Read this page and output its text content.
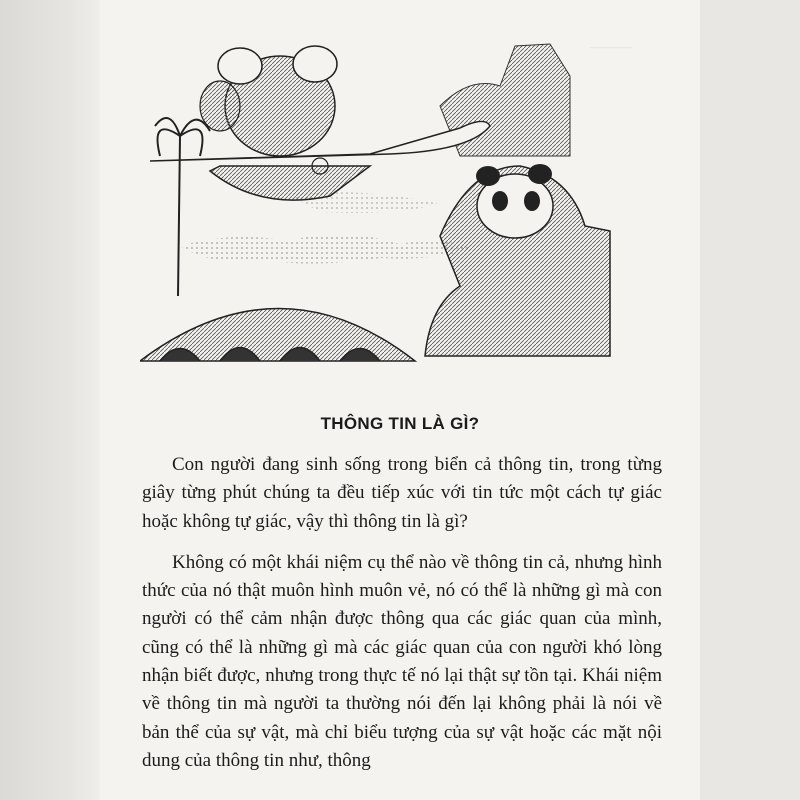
———
THÔNG TIN LÀ GÌ?

Con người đang sinh sống trong biển cả thông tin, trong từng giây từng phút chúng ta đều tiếp xúc với tin tức một cách tự giác hoặc không tự giác, vậy thì thông tin là gì?

Không có một khái niệm cụ thể nào về thông tin cả, nhưng hình thức của nó thật muôn hình muôn vẻ, nó có thể là những gì mà con người có thể cảm nhận được thông qua các giác quan của mình, cũng có thể là những gì mà các giác quan của con người khó lòng nhận biết được, nhưng trong thực tế nó lại thật sự tồn tại. Khái niệm về thông tin mà người ta thường nói đến lại không phải là nói về bản thể của sự vật, mà chỉ biểu tượng của sự vật hoặc các mặt nội dung của thông tin như, thông
